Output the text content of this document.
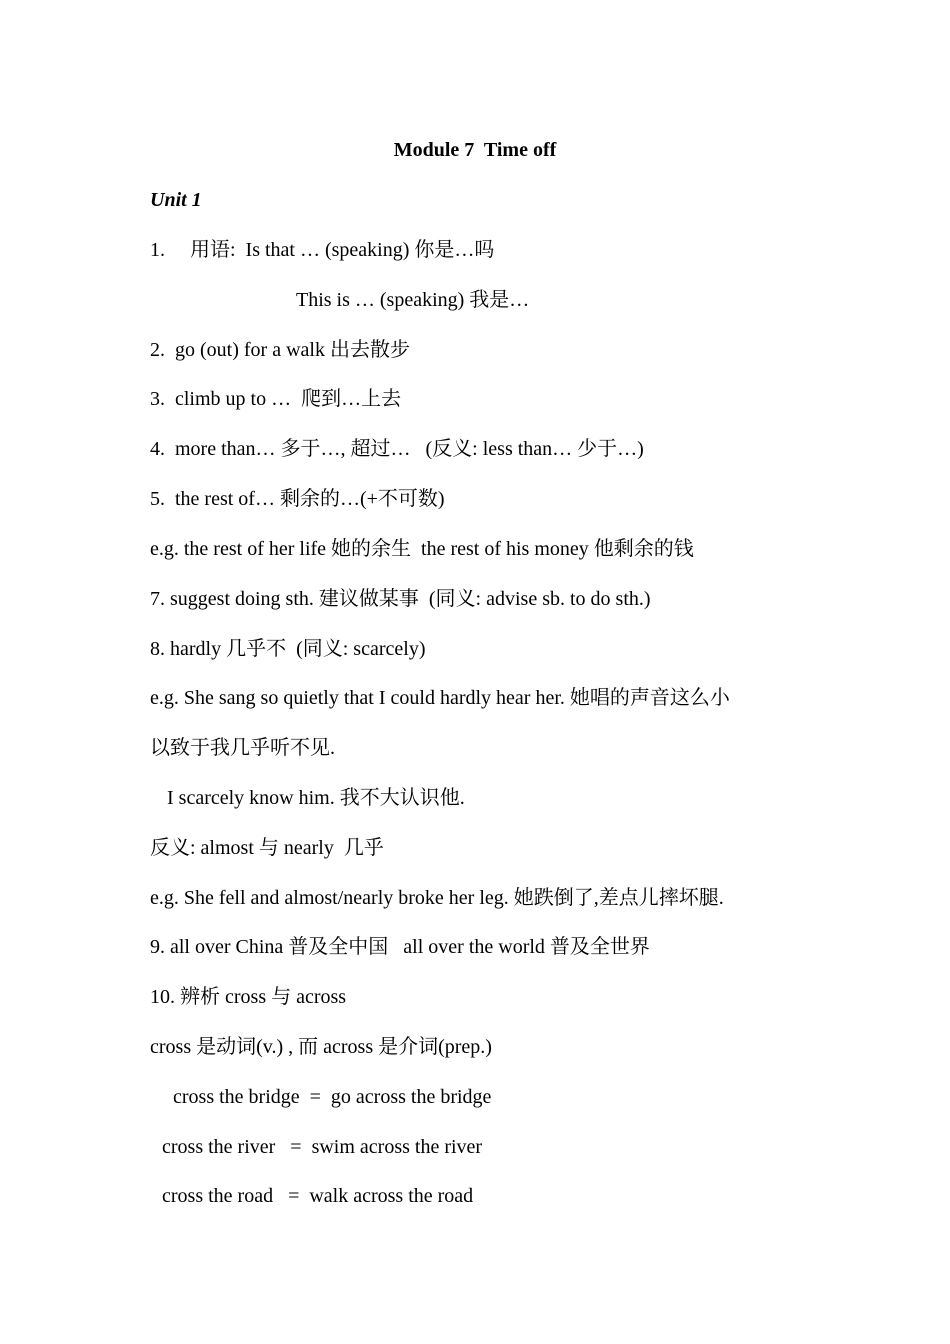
Module 7  Time off
Unit 1
1.     用语:  Is that … (speaking) 你是…吗
This is … (speaking) 我是…
2.  go (out) for a walk 出去散步
3.  climb up to …  爬到…上去
4.  more than… 多于…, 超过…   (反义: less than… 少于…)
5.  the rest of… 剩余的…(+不可数)
e.g. the rest of her life 她的余生  the rest of his money 他剩余的钱
7. suggest doing sth. 建议做某事  (同义: advise sb. to do sth.)
8. hardly 几乎不  (同义: scarcely)
e.g. She sang so quietly that I could hardly hear her. 她唱的声音这么小
以致于我几乎听不见.
I scarcely know him. 我不大认识他.
反义: almost 与 nearly  几乎
e.g. She fell and almost/nearly broke her leg. 她跌倒了,差点儿摔坏腿.
9. all over China 普及全中国   all over the world 普及全世界
10. 辨析 cross 与 across
cross 是动词(v.) , 而 across 是介词(prep.)
cross the bridge  =  go across the bridge
cross the river   =  swim across the river
cross the road   =  walk across the road
